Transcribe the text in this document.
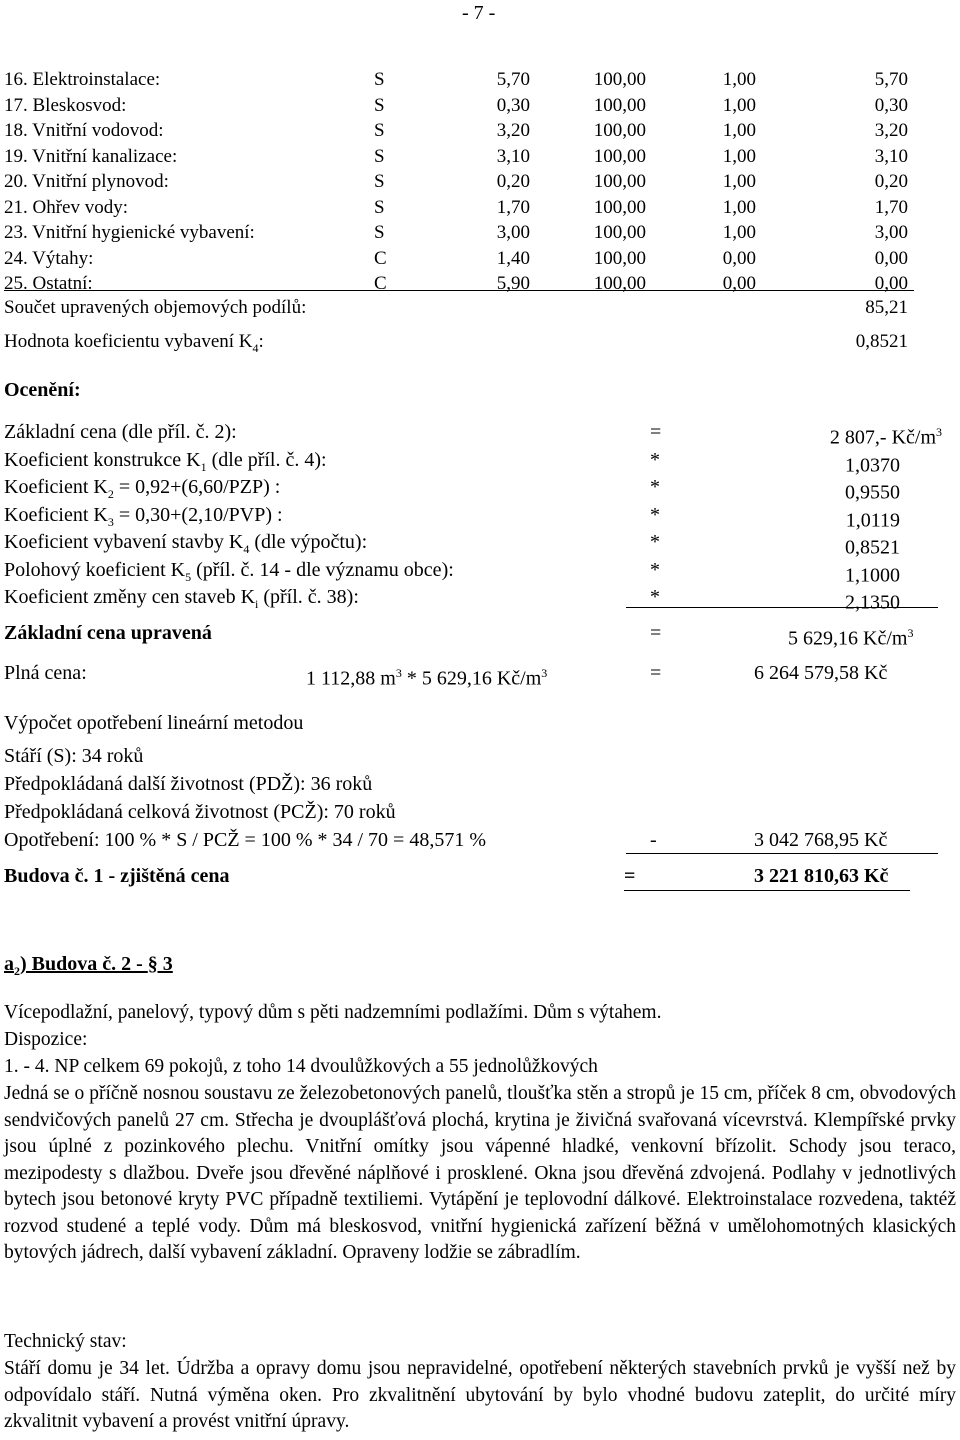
- 7 -
16. Elektroinstalace:	S	5,70	100,00	1,00	5,70
17. Bleskosvod:	S	0,30	100,00	1,00	0,30
18. Vnitřní vodovod:	S	3,20	100,00	1,00	3,20
19. Vnitřní kanalizace:	S	3,10	100,00	1,00	3,10
20. Vnitřní plynovod:	S	0,20	100,00	1,00	0,20
21. Ohřev vody:	S	1,70	100,00	1,00	1,70
23. Vnitřní hygienické vybavení:	S	3,00	100,00	1,00	3,00
24. Výtahy:	C	1,40	100,00	0,00	0,00
25. Ostatní:	C	5,90	100,00	0,00	0,00
Součet upravených objemových podílů:	85,21
Hodnota koeficientu vybavení $K_4$:	0,8521
Ocenění:
Základní cena (dle příl. č. 2):	=	2 807,- $Kč/m^3$
Koeficient konstrukce $K_1$ (dle příl. č. 4):	*	1,0370
Koeficient $K_2 = 0,92+(6,60/PZP)$ :	*	0,9550
Koeficient $K_3 = 0,30+(2,10/PVP)$ :	*	1,0119
Koeficient vybavení stavby $K_4$ (dle výpočtu):	*	0,8521
Polohový koeficient $K_5$ (příl. č. 14 - dle významu obce):	*	1,1000
Koeficient změny cen staveb $K_i$ (příl. č. 38):	*	2,1350
Základní cena upravená	=	5 629,16 $Kč/m^3$
Plná cena:	1 112,88 $m^3 * 5$ 629,16 $Kč/m^3$	=	6 264 579,58 Kč
Výpočet opotřebení lineární metodou
Stáří (S): 34 roků
Předpokládaná další životnost (PDŽ): 36 roků
Předpokládaná celková životnost (PCŽ): 70 roků
Opotřebení: 100 % * S / PCŽ = 100 % * 34 / 70 = 48,571 %	-	3 042 768,95 Kč
Budova č. 1 - zjištěná cena	=	3 221 810,63 Kč
$a_2$) Budova č. 2 - § 3
Vícepodlažní, panelový, typový dům s pěti nadzemními podlažími. Dům s výtahem.
Dispozice:
1. - 4. NP celkem 69 pokojů, z toho 14 dvoulůžkových a 55 jednolůžkových
Jedná se o příčně nosnou soustavu ze železobetonových panelů, tloušťka stěn a stropů je 15 cm, příček 8 cm, obvodových sendvičových panelů 27 cm. Střecha je dvouplášťová plochá, krytina je živičná svařovaná vícevrstvá. Klempířské prvky jsou úplné z pozinkového plechu. Vnitřní omítky jsou vápenné hladké, venkovní břízolit. Schody jsou teraco, mezipodesty s dlažbou. Dveře jsou dřevěné náplňové i prosklené. Okna jsou dřevěná zdvojená. Podlahy v jednotlivých bytech jsou betonové kryty PVC případně textiliemi. Vytápění je teplovodní dálkové. Elektroinstalace rozvedena, taktéž rozvod studené a teplé vody. Dům má bleskosvod, vnitřní hygienická zařízení běžná v umělohomotných klasických bytových jádrech, další vybavení základní. Opraveny lodžie se zábradlím.
Technický stav:
Stáří domu je 34 let. Údržba a opravy domu jsou nepravidelné, opotřebení některých stavebních prvků je vyšší než by odpovídalo stáří. Nutná výměna oken. Pro zkvalitnění ubytování by bylo vhodné budovu zateplit, do určité míry zkvalitnit vybavení a provést vnitřní úpravy.
